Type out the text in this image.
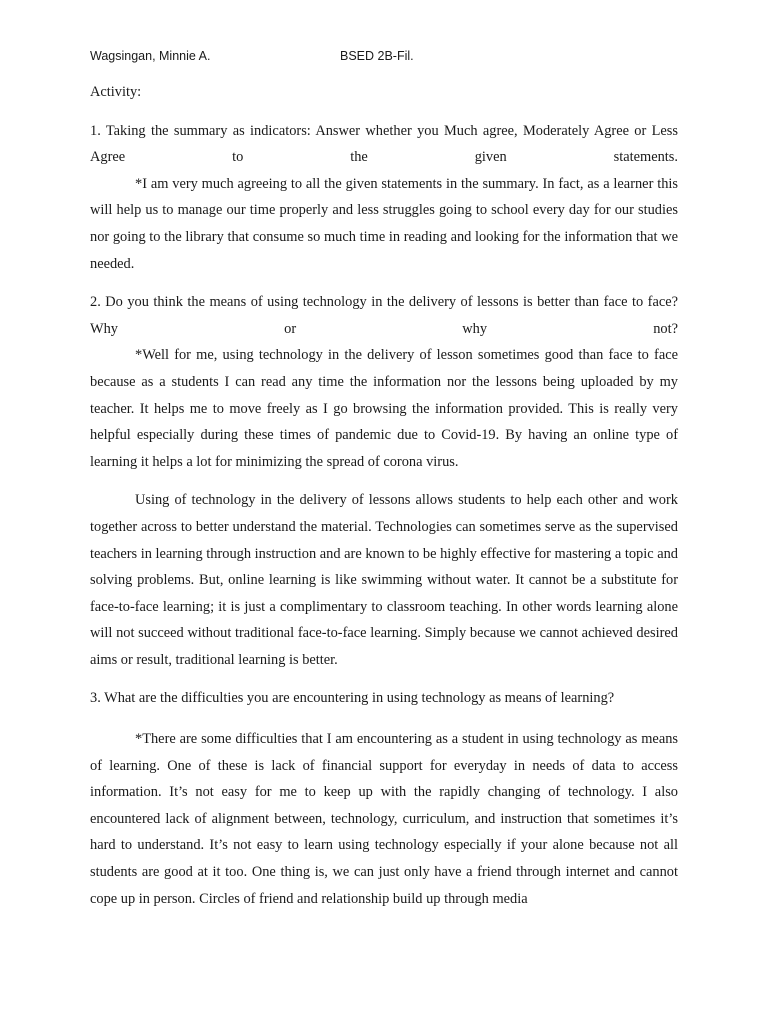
Wagsingan, Minnie A.	BSED 2B-Fil.

Activity:

1. Taking the summary as indicators: Answer whether you Much agree, Moderately Agree or Less Agree to the given statements.

*I am very much agreeing to all the given statements in the summary. In fact, as a learner this will help us to manage our time properly and less struggles going to school every day for our studies nor going to the library that consume so much time in reading and looking for the information that we needed.

2. Do you think the means of using technology in the delivery of lessons is better than face to face? Why or why not?

*Well for me, using technology in the delivery of lesson sometimes good than face to face because as a students I can read any time the information nor the lessons being uploaded by my teacher. It helps me to move freely as I go browsing the information provided. This is really very helpful especially during these times of pandemic due to Covid-19. By having an online type of learning it helps a lot for minimizing the spread of corona virus.

Using of technology in the delivery of lessons allows students to help each other and work together across to better understand the material. Technologies can sometimes serve as the supervised teachers in learning through instruction and are known to be highly effective for mastering a topic and solving problems. But, online learning is like swimming without water. It cannot be a substitute for face-to-face learning; it is just a complimentary to classroom teaching. In other words learning alone will not succeed without traditional face-to-face learning. Simply because we cannot achieved desired aims or result, traditional learning is better.

3. What are the difficulties you are encountering in using technology as means of learning?

*There are some difficulties that I am encountering as a student in using technology as means of learning. One of these is lack of financial support for everyday in needs of data to access information. It’s not easy for me to keep up with the rapidly changing of technology. I also encountered lack of alignment between, technology, curriculum, and instruction that sometimes it’s hard to understand. It’s not easy to learn using technology especially if your alone because not all students are good at it too. One thing is, we can just only have a friend through internet and cannot cope up in person. Circles of friend and relationship build up through media
